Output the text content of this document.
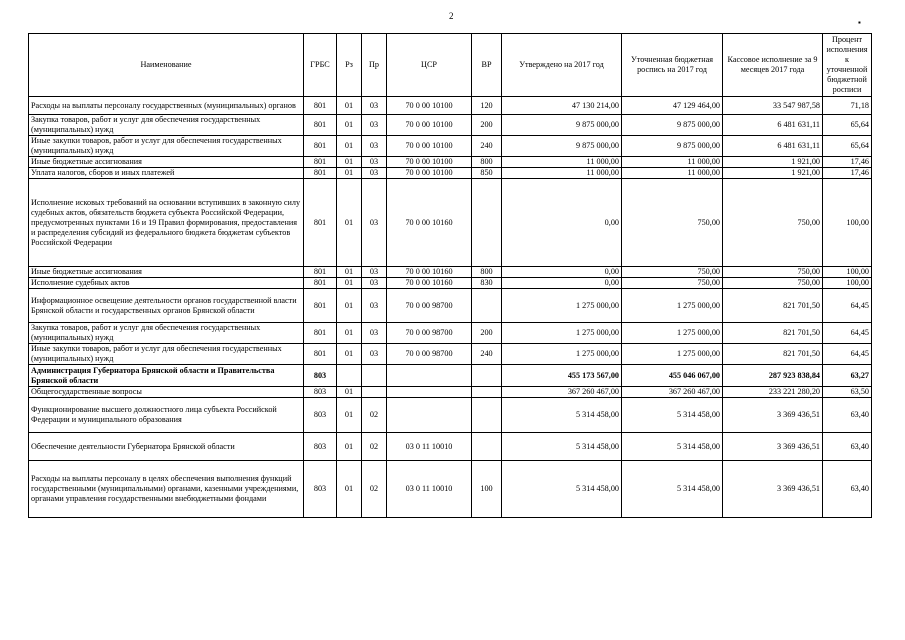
2
▪
Наименование	ГРБС	Рз	Пр	ЦСР	ВР	Утверждено на 2017 год	Уточненная бюджетная роспись на 2017 год	Кассовое исполнение за 9 месяцев 2017 года	Процент исполнения к уточненной бюджетной росписи
Расходы на выплаты персоналу государственных (муниципальных) органов	801	01	03	70 0 00 10100	120	47 130 214,00	47 129 464,00	33 547 987,58	71,18
Закупка товаров, работ и услуг для обеспечения государственных (муниципальных) нужд	801	01	03	70 0 00 10100	200	9 875 000,00	9 875 000,00	6 481 631,11	65,64
Иные закупки товаров, работ и услуг для обеспечения государственных (муниципальных) нужд	801	01	03	70 0 00 10100	240	9 875 000,00	9 875 000,00	6 481 631,11	65,64
Иные бюджетные ассигнования	801	01	03	70 0 00 10100	800	11 000,00	11 000,00	1 921,00	17,46
Уплата налогов, сборов и иных платежей	801	01	03	70 0 00 10100	850	11 000,00	11 000,00	1 921,00	17,46
Исполнение исковых требований на основании вступивших в законную силу судебных актов, обязательств бюджета субъекта Российской Федерации, предусмотренных пунктами 16 и 19 Правил формирования, предоставления и распределения субсидий из федерального бюджета бюджетам субъектов Российской Федерации	801	01	03	70 0 00 10160		0,00	750,00	750,00	100,00
Иные бюджетные ассигнования	801	01	03	70 0 00 10160	800	0,00	750,00	750,00	100,00
Исполнение судебных актов	801	01	03	70 0 00 10160	830	0,00	750,00	750,00	100,00
Информационное освещение деятельности органов государственной власти Брянской области и государственных органов Брянской области	801	01	03	70 0 00 98700		1 275 000,00	1 275 000,00	821 701,50	64,45
Закупка товаров, работ и услуг для обеспечения государственных (муниципальных) нужд	801	01	03	70 0 00 98700	200	1 275 000,00	1 275 000,00	821 701,50	64,45
Иные закупки товаров, работ и услуг для обеспечения государственных (муниципальных) нужд	801	01	03	70 0 00 98700	240	1 275 000,00	1 275 000,00	821 701,50	64,45
Администрация Губернатора Брянской области и Правительства Брянской области	803					455 173 567,00	455 046 067,00	287 923 838,84	63,27
Общегосударственные вопросы	803	01				367 260 467,00	367 260 467,00	233 221 280,20	63,50
Функционирование высшего должностного лица субъекта Российской Федерации и муниципального образования	803	01	02			5 314 458,00	5 314 458,00	3 369 436,51	63,40
Обеспечение деятельности Губернатора Брянской области	803	01	02	03 0 11 10010		5 314 458,00	5 314 458,00	3 369 436,51	63,40
Расходы на выплаты персоналу в целях обеспечения выполнения функций государственными (муниципальными) органами, казенными учреждениями, органами управления государственными внебюджетными фондами	803	01	02	03 0 11 10010	100	5 314 458,00	5 314 458,00	3 369 436,51	63,40
